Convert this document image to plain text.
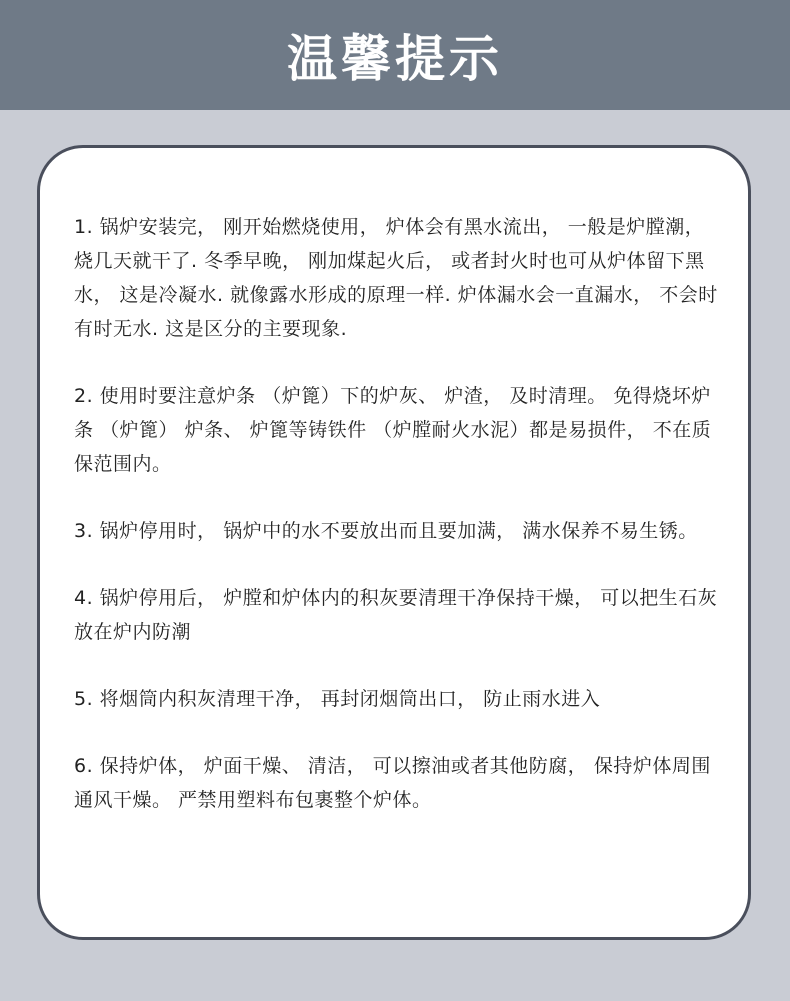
温馨提示

1. 锅炉安装完， 刚开始燃烧使用， 炉体会有黑水流出， 一般是炉膛潮， 烧几天就干了. 冬季早晚， 刚加煤起火后， 或者封火时也可从炉体留下黑水， 这是冷凝水. 就像露水形成的原理一样. 炉体漏水会一直漏水， 不会时有时无水. 这是区分的主要现象.

2. 使用时要注意炉条 （炉篦）下的炉灰、 炉渣， 及时清理。 免得烧坏炉条 （炉篦） 炉条、 炉篦等铸铁件 （炉膛耐火水泥）都是易损件， 不在质保范围内。

3. 锅炉停用时， 锅炉中的水不要放出而且要加满， 满水保养不易生锈。

4. 锅炉停用后， 炉膛和炉体内的积灰要清理干净保持干燥， 可以把生石灰放在炉内防潮

5. 将烟筒内积灰清理干净， 再封闭烟筒出口， 防止雨水进入

6. 保持炉体， 炉面干燥、 清洁， 可以擦油或者其他防腐， 保持炉体周围通风干燥。 严禁用塑料布包裹整个炉体。
